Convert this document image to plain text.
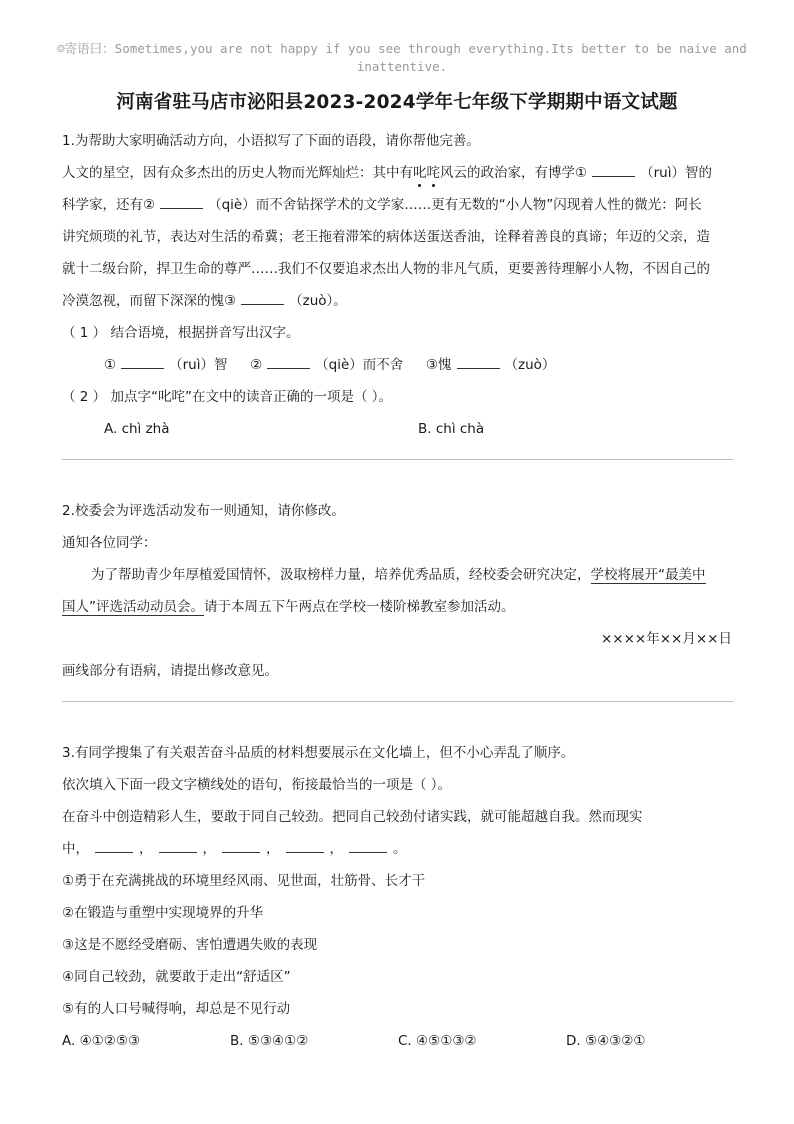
☺寄语曰：Sometimes,you are not happy if you see through everything.Its better to be naive and inattentive.
河南省驻马店市泌阳县2023-2024学年七年级下学期期中语文试题
1.为帮助大家明确活动方向，小语拟写了下面的语段，请你帮他完善。
人文的星空，因有众多杰出的历史人物而光辉灿烂：其中有叱咤风云的政治家，有博学①	（ruì）智的
科学家，还有②	（qiè）而不舍钻探学术的文学家……更有无数的“小人物”闪现着人性的微光：阿长
讲究烦琐的礼节，表达对生活的希冀；老王拖着滞笨的病体送蛋送香油，诠释着善良的真谛；年迈的父亲，造
就十二级台阶，捍卫生命的尊严……我们不仅要追求杰出人物的非凡气质，更要善待理解小人物，不因自己的
冷漠忽视，而留下深深的愧③	（zuò）。
（ 1 ） 结合语境，根据拼音写出汉字。
①	（ruì）智 ②	（qiè）而不舍 ③愧	（zuò）
（ 2 ） 加点字“叱咤”在文中的读音正确的一项是（ ）。
A. chì zhà	B. chì chà
2.校委会为评选活动发布一则通知，请你修改。
通知各位同学：
为了帮助青少年厚植爱国情怀，汲取榜样力量，培养优秀品质，经校委会研究决定，学校将展开“最美中
国人”评选活动动员会。请于本周五下午两点在学校一楼阶梯教室参加活动。
××××年××月××日
画线部分有语病，请提出修改意见。
3.有同学搜集了有关艰苦奋斗品质的材料想要展示在文化墙上，但不小心弄乱了顺序。
依次填入下面一段文字横线处的语句，衔接最恰当的一项是（ ）。
在奋斗中创造精彩人生，要敢于同自己较劲。把同自己较劲付诸实践，就可能超越自我。然而现实
中，	，	，	，	，	。
①勇于在充满挑战的环境里经风雨、见世面，壮筋骨、长才干
②在锻造与重塑中实现境界的升华
③这是不愿经受磨砺、害怕遭遇失败的表现
④同自己较劲，就要敢于走出“舒适区”
⑤有的人口号喊得响，却总是不见行动
A. ④①②⑤③	B. ⑤③④①②	C. ④⑤①③②	D. ⑤④③②①
